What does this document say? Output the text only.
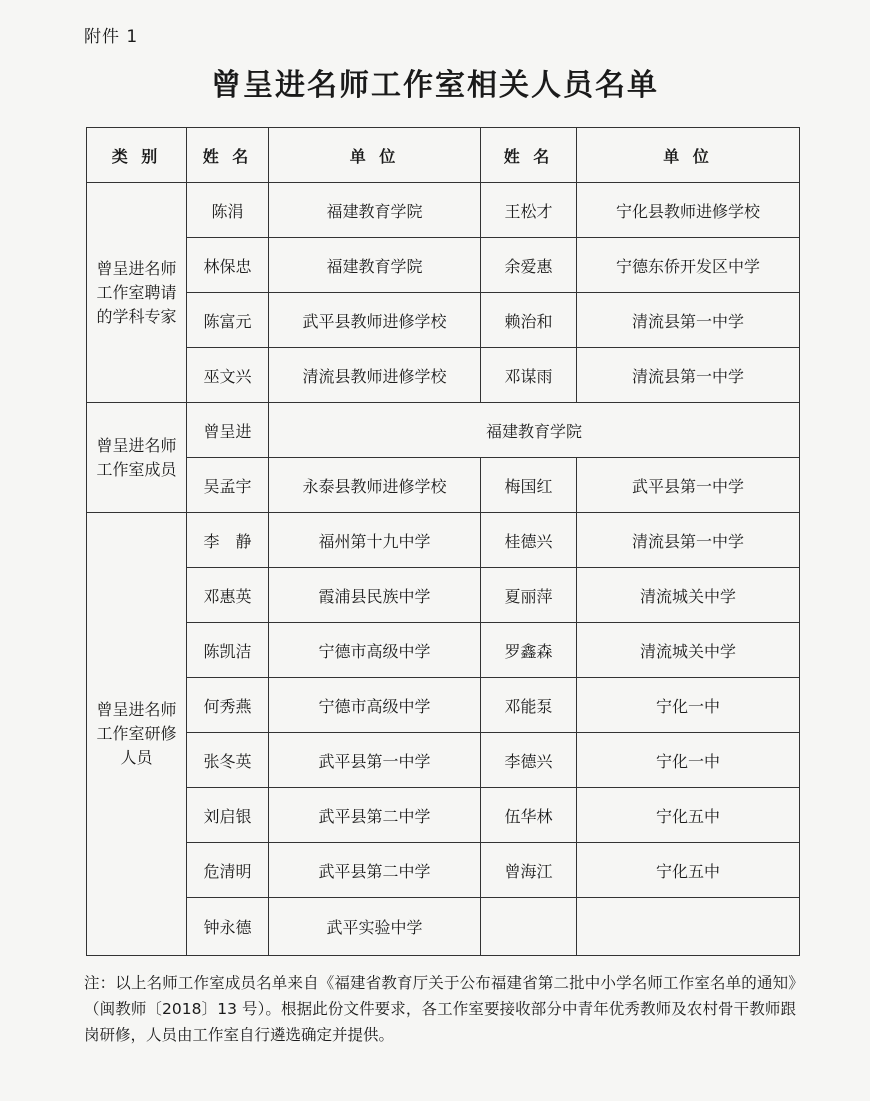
附件 1
曾呈进名师工作室相关人员名单
类 别	姓 名	单 位	姓 名	单 位
曾呈进名师工作室聘请的学科专家	陈涓	福建教育学院	王松才	宁化县教师进修学校
	林保忠	福建教育学院	余爱惠	宁德东侨开发区中学
	陈富元	武平县教师进修学校	赖治和	清流县第一中学
	巫文兴	清流县教师进修学校	邓谋雨	清流县第一中学
曾呈进名师工作室成员	曾呈进	福建教育学院		
	吴孟宇	永泰县教师进修学校	梅国红	武平县第一中学
曾呈进名师工作室研修人员	李　静	福州第十九中学	桂德兴	清流县第一中学
	邓惠英	霞浦县民族中学	夏丽萍	清流城关中学
	陈凯洁	宁德市高级中学	罗鑫森	清流城关中学
	何秀燕	宁德市高级中学	邓能泵	宁化一中
	张冬英	武平县第一中学	李德兴	宁化一中
	刘启银	武平县第二中学	伍华林	宁化五中
	危清明	武平县第二中学	曾海江	宁化五中
	钟永德	武平实验中学		
注：以上名师工作室成员名单来自《福建省教育厅关于公布福建省第二批中小学名师工作室名单的通知》（闽教师〔2018〕13 号）。根据此份文件要求，各工作室要接收部分中青年优秀教师及农村骨干教师跟岗研修，人员由工作室自行遴选确定并提供。
